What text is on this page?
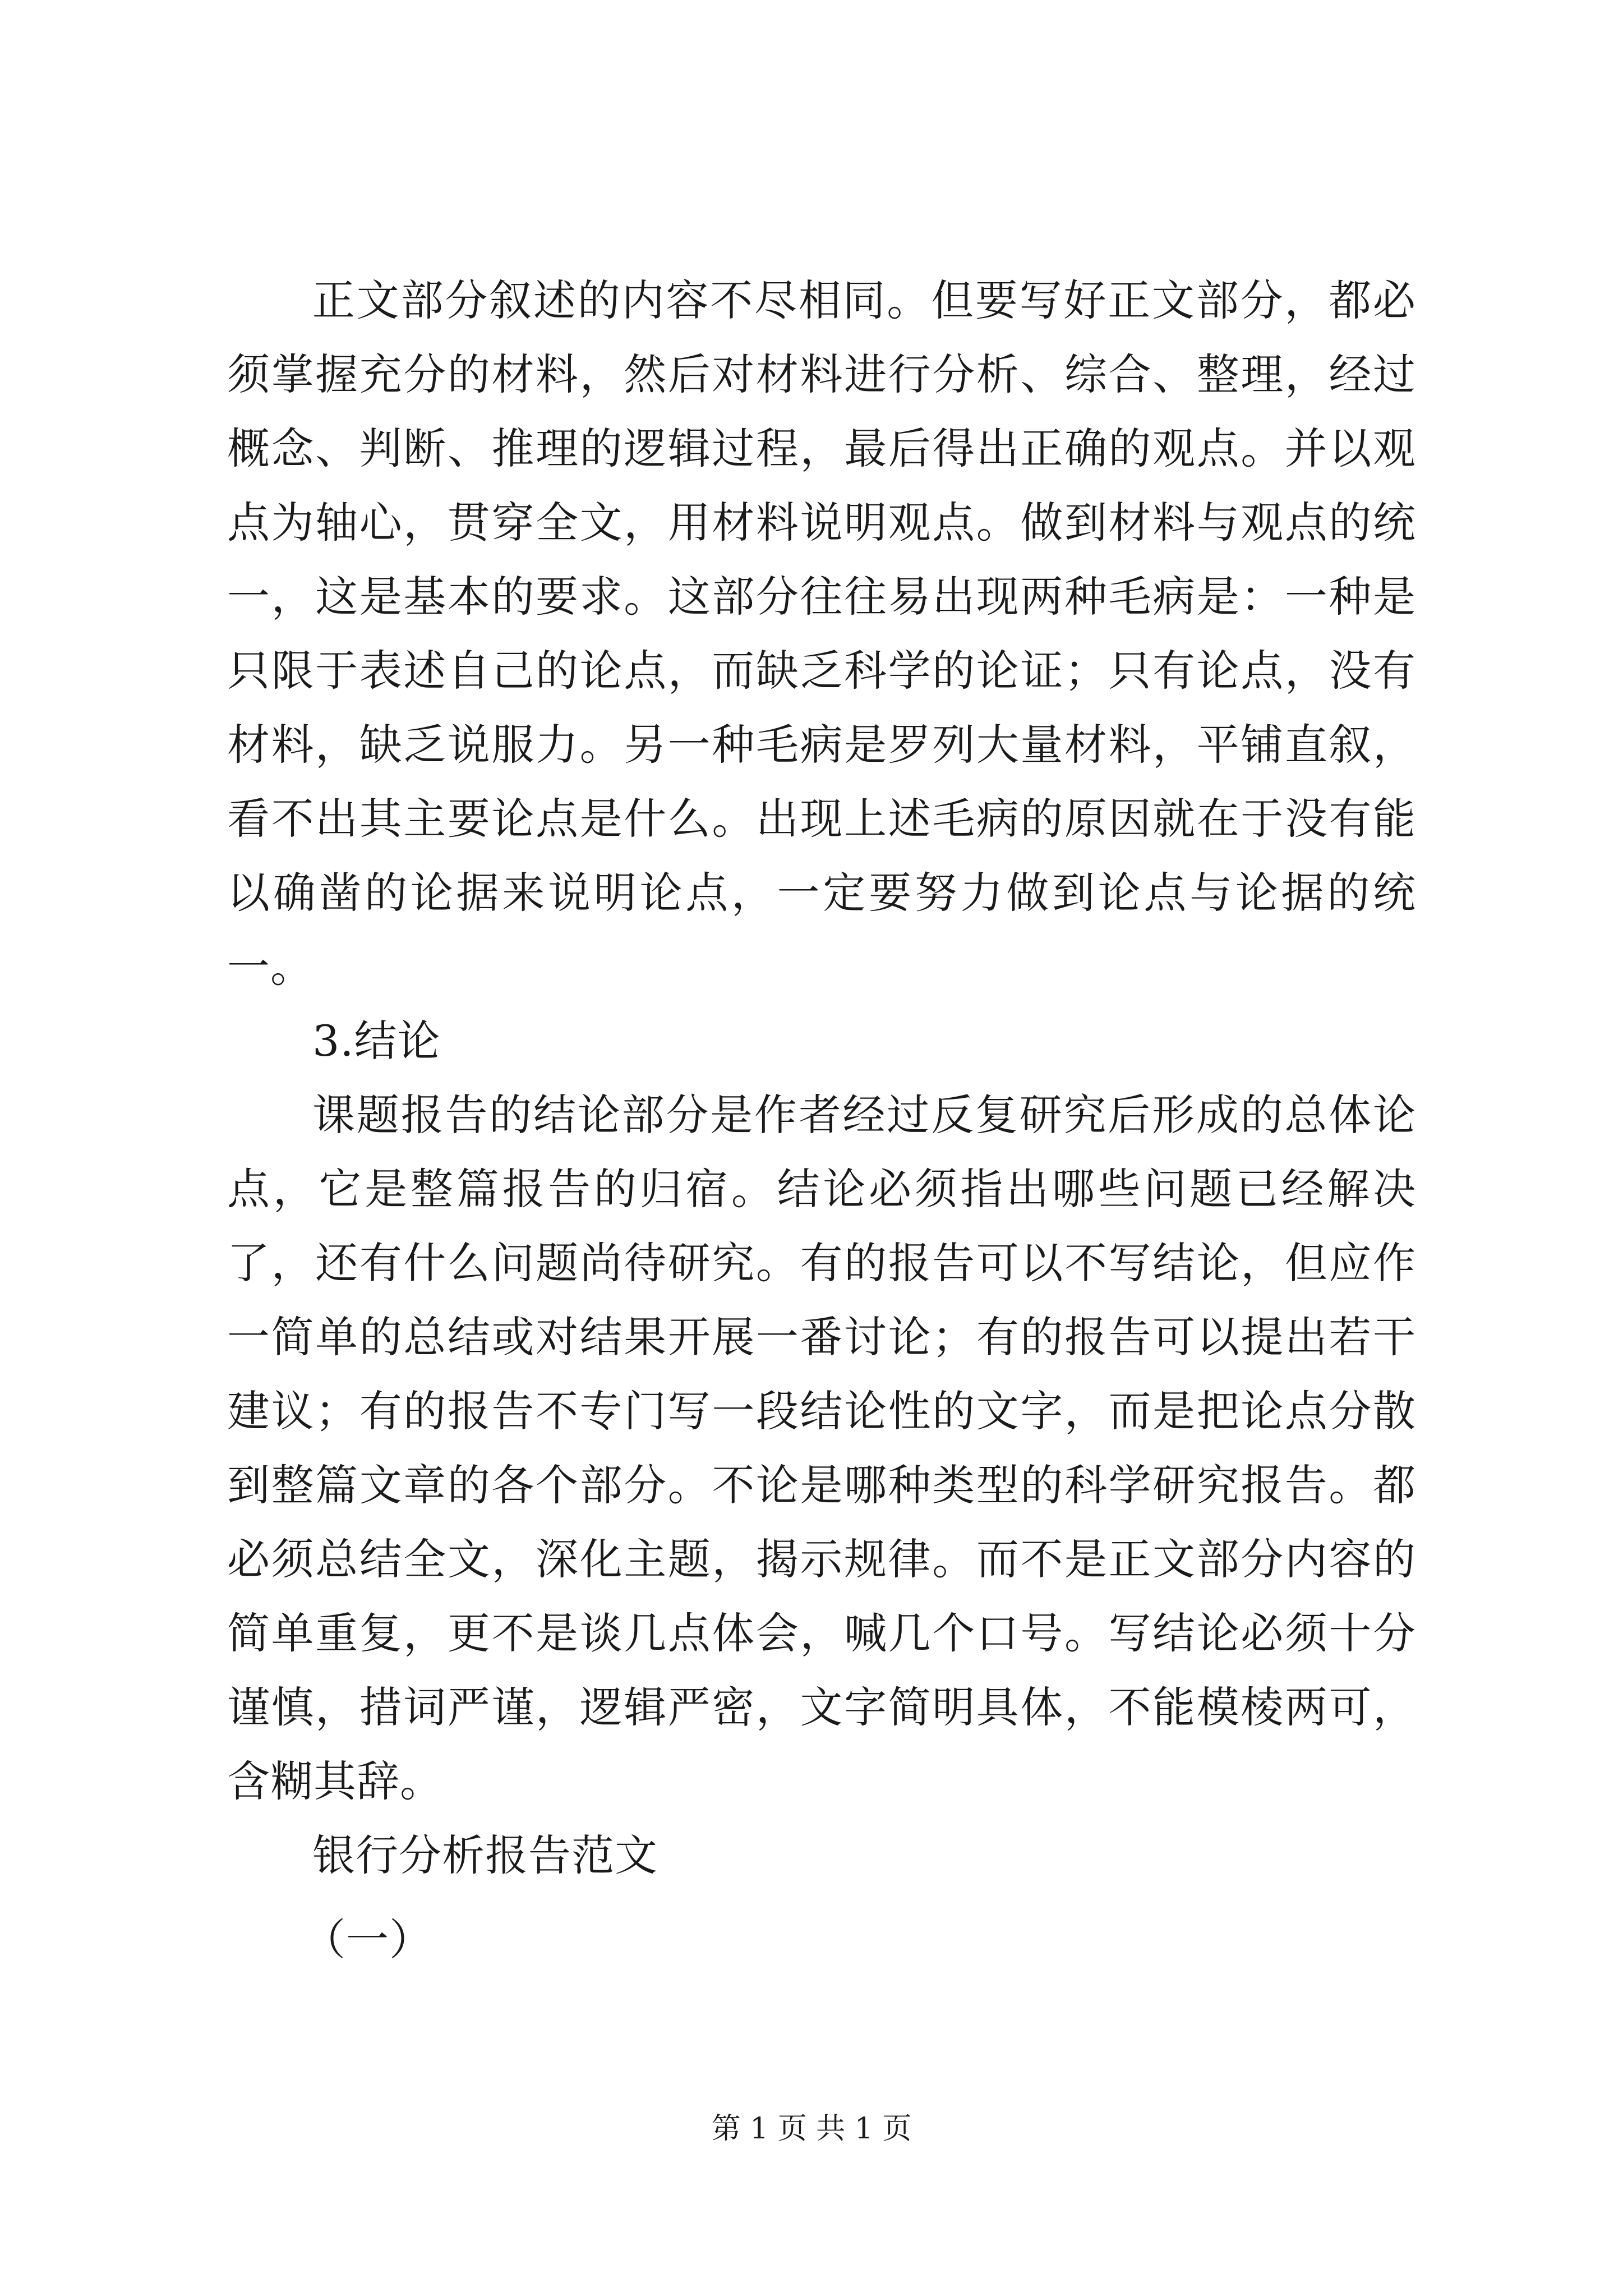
正文部分叙述的内容不尽相同。但要写好正文部分，都必须掌握充分的材料，然后对材料进行分析、综合、整理，经过概念、判断、推理的逻辑过程，最后得出正确的观点。并以观点为轴心，贯穿全文，用材料说明观点。做到材料与观点的统一，这是基本的要求。这部分往往易出现两种毛病是：一种是只限于表述自己的论点，而缺乏科学的论证；只有论点，没有材料，缺乏说服力。另一种毛病是罗列大量材料，平铺直叙，看不出其主要论点是什么。出现上述毛病的原因就在于没有能以确凿的论据来说明论点，一定要努力做到论点与论据的统一。

3.结论

课题报告的结论部分是作者经过反复研究后形成的总体论点，它是整篇报告的归宿。结论必须指出哪些问题已经解决了，还有什么问题尚待研究。有的报告可以不写结论，但应作一简单的总结或对结果开展一番讨论；有的报告可以提出若干建议；有的报告不专门写一段结论性的文字，而是把论点分散到整篇文章的各个部分。不论是哪种类型的科学研究报告。都必须总结全文，深化主题，揭示规律。而不是正文部分内容的简单重复，更不是谈几点体会，喊几个口号。写结论必须十分谨慎，措词严谨，逻辑严密，文字简明具体，不能模棱两可，含糊其辞。

银行分析报告范文

（一）

第 1 页 共 1 页
